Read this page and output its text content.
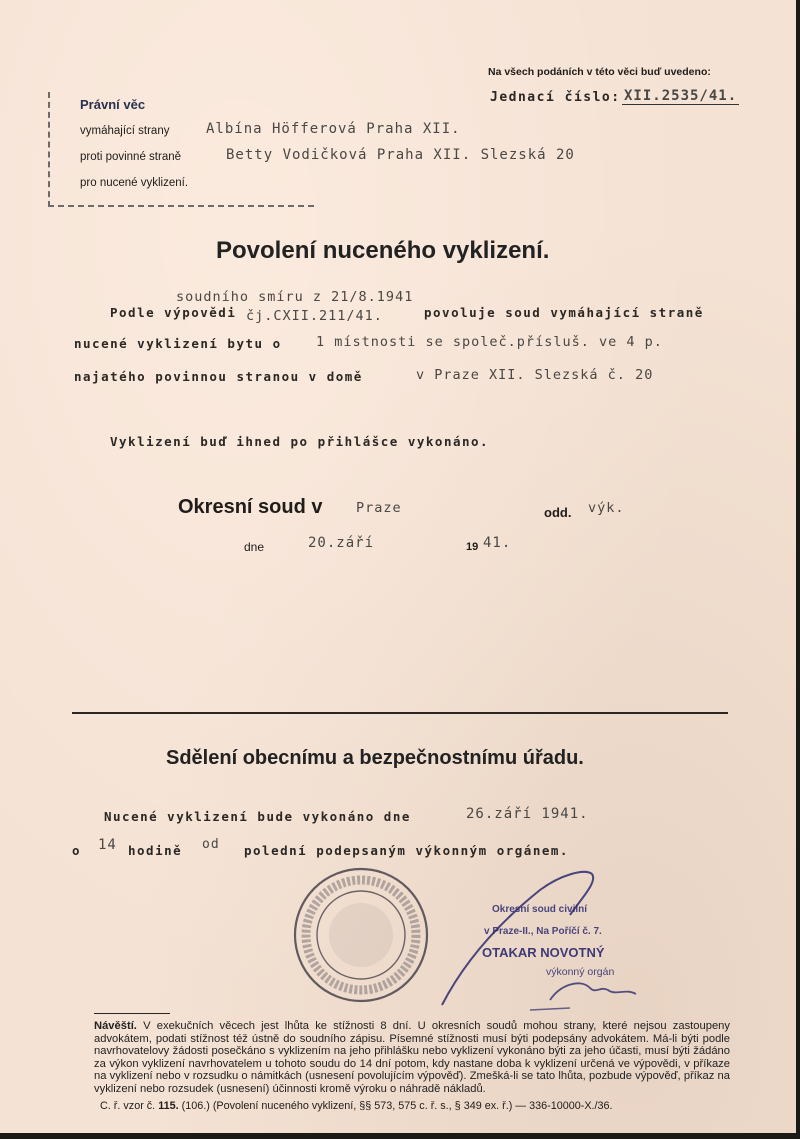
Na všech podáních v této věci buď uvedeno:
Jednací číslo: XII.2535/41.
Právní věc
vymáhající strany	Albína Höfferová Praha XII.
proti povinné straně	Betty Vodičková Praha XII. Slezská 20
pro nucené vyklizení.
Povolení nuceného vyklizení.
soudního smíru z 21/8.1941
Podle výpovědi čj.CXII.211/41.	povoluje soud vymáhající straně
nucené vyklizení bytu o	1 místnosti se společ.přísluš. ve 4 p.
najatého povinnou stranou v domě	v Praze XII. Slezská č. 20
Vyklizení buď ihned po přihlášce vykonáno.
Okresní soud v Praze	odd. výk.
dne	20.září	19 41.
Sdělení obecnímu a bezpečnostnímu úřadu.
Nucené vyklizení bude vykonáno dne	26.září 1941.
o 14 hodině od polední podepsaným výkonným orgánem.
Okresní soud civilní
v Praze-II., Na Poříčí č. 7.
OTAKAR NOVOTNÝ
výkonný orgán

Návěští. V exekučních věcech jest lhůta ke stížnosti 8 dní. U okresních soudů mohou strany, které nejsou zastoupeny advokátem, podati stížnost též ústně do soudního zápisu. Písemné stížnosti musí býti podepsány advokátem. Má-li býti podle navrhovatelovy žádosti posečkáno s vyklizením na jeho přihlášku nebo vyklizení vykonáno býti za jeho účasti, musí býti žádáno za výkon vyklizení navrhovatelem u tohoto soudu do 14 dní potom, kdy nastane doba k vyklizení určená ve výpovědi, v příkaze na vyklizení nebo v rozsudku o námitkách (usnesení povolujícím výpověď). Zmešká-li se tato lhůta, pozbude výpověď, příkaz na vyklizení nebo rozsudek (usnesení) účinnosti kromě výroku o náhradě nákladů.

C. ř. vzor č. 115. (106.) (Povolení nuceného vyklizení, §§ 573, 575 c. ř. s., § 349 ex. ř.) — 336-10000-X./36.
